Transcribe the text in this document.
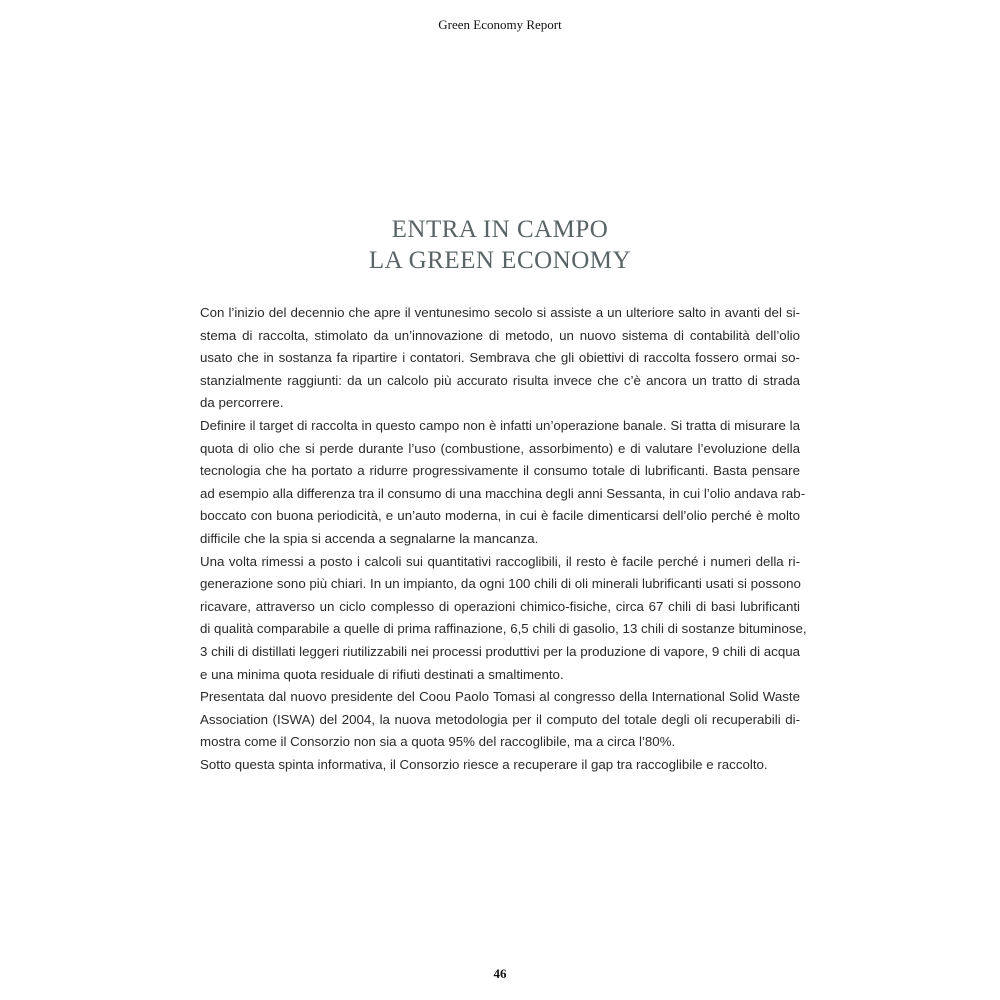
Green Economy Report
ENTRA IN CAMPO
LA GREEN ECONOMY
Con l’inizio del decennio che apre il ventunesimo secolo si assiste a un ulteriore salto in avanti del si-
stema di raccolta, stimolato da un’innovazione di metodo, un nuovo sistema di contabilità dell’olio
usato che in sostanza fa ripartire i contatori. Sembrava che gli obiettivi di raccolta fossero ormai so-
stanzialmente raggiunti: da un calcolo più accurato risulta invece che c’è ancora un tratto di strada
da percorrere.
Definire il target di raccolta in questo campo non è infatti un’operazione banale. Si tratta di misurare la
quota di olio che si perde durante l’uso (combustione, assorbimento) e di valutare l’evoluzione della
tecnologia che ha portato a ridurre progressivamente il consumo totale di lubrificanti. Basta pensare
ad esempio alla differenza tra il consumo di una macchina degli anni Sessanta, in cui l’olio andava rab-
boccato con buona periodicità, e un’auto moderna, in cui è facile dimenticarsi dell’olio perché è molto
difficile che la spia si accenda a segnalarne la mancanza.
Una volta rimessi a posto i calcoli sui quantitativi raccoglibili, il resto è facile perché i numeri della ri-
generazione sono più chiari. In un impianto, da ogni 100 chili di oli minerali lubrificanti usati si possono
ricavare, attraverso un ciclo complesso di operazioni chimico-fisiche, circa 67 chili di basi lubrificanti
di qualità comparabile a quelle di prima raffinazione, 6,5 chili di gasolio, 13 chili di sostanze bituminose,
3 chili di distillati leggeri riutilizzabili nei processi produttivi per la produzione di vapore, 9 chili di acqua
e una minima quota residuale di rifiuti destinati a smaltimento.
Presentata dal nuovo presidente del Coou Paolo Tomasi al congresso della International Solid Waste
Association (ISWA) del 2004, la nuova metodologia per il computo del totale degli oli recuperabili di-
mostra come il Consorzio non sia a quota 95% del raccoglibile, ma a circa l’80%.
Sotto questa spinta informativa, il Consorzio riesce a recuperare il gap tra raccoglibile e raccolto.
46
